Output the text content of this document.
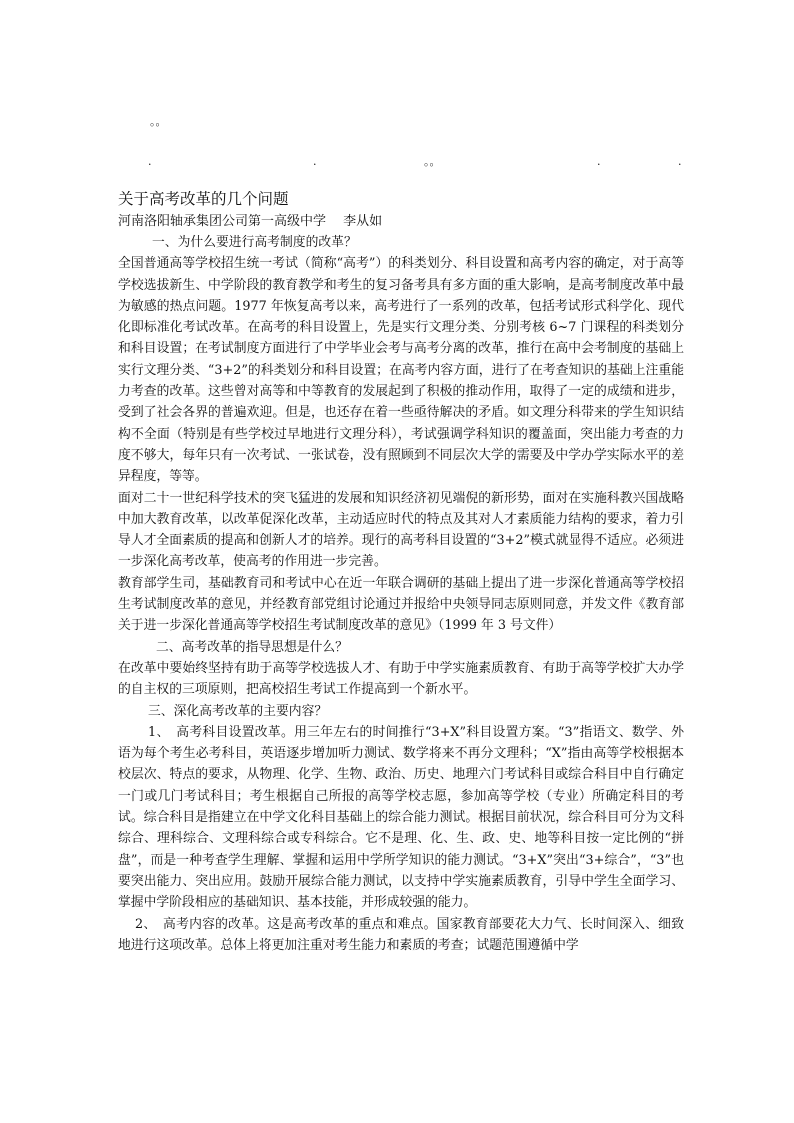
。。
.	.	。。	.	.

关于高考改革的几个问题

河南洛阳轴承集团公司第一高级中学　 李从如

一、为什么要进行高考制度的改革？

全国普通高等学校招生统一考试（简称“高考”）的科类划分、科目设置和高考内容的确定，对于高等学校选拔新生、中学阶段的教育教学和考生的复习备考具有多方面的重大影响，是高考制度改革中最为敏感的热点问题。1977 年恢复高考以来，高考进行了一系列的改革，包括考试形式科学化、现代化即标准化考试改革。在高考的科目设置上，先是实行文理分类、分别考核 6~7 门课程的科类划分和科目设置；在考试制度方面进行了中学毕业会考与高考分离的改革，推行在高中会考制度的基础上实行文理分类、“3+2”的科类划分和科目设置；在高考内容方面，进行了在考查知识的基础上注重能力考查的改革。这些曾对高等和中等教育的发展起到了积极的推动作用，取得了一定的成绩和进步，受到了社会各界的普遍欢迎。但是，也还存在着一些亟待解决的矛盾。如文理分科带来的学生知识结构不全面（特别是有些学校过早地进行文理分科），考试强调学科知识的覆盖面，突出能力考查的力度不够大，每年只有一次考试、一张试卷，没有照顾到不同层次大学的需要及中学办学实际水平的差异程度，等等。

面对二十一世纪科学技术的突飞猛进的发展和知识经济初见端倪的新形势，面对在实施科教兴国战略中加大教育改革，以改革促深化改革，主动适应时代的特点及其对人才素质能力结构的要求，着力引导人才全面素质的提高和创新人才的培养。现行的高考科目设置的“3+2”模式就显得不适应。必须进一步深化高考改革，使高考的作用进一步完善。

教育部学生司，基础教育司和考试中心在近一年联合调研的基础上提出了进一步深化普通高等学校招生考试制度改革的意见，并经教育部党组讨论通过并报给中央领导同志原则同意，并发文件《教育部关于进一步深化普通高等学校招生考试制度改革的意见》（1999 年 3 号文件）

二、高考改革的指导思想是什么？

在改革中要始终坚持有助于高等学校选拔人才、有助于中学实施素质教育、有助于高等学校扩大办学的自主权的三项原则，把高校招生考试工作提高到一个新水平。

三、深化高考改革的主要内容？

1、　高考科目设置改革。用三年左右的时间推行“3+X”科目设置方案。“3”指语文、数学、外语为每个考生必考科目，英语逐步增加听力测试、数学将来不再分文理科；“X”指由高等学校根据本校层次、特点的要求，从物理、化学、生物、政治、历史、地理六门考试科目或综合科目中自行确定一门或几门考试科目；考生根据自己所报的高等学校志愿，参加高等学校（专业）所确定科目的考试。综合科目是指建立在中学文化科目基础上的综合能力测试。根据目前状况，综合科目可分为文科综合、理科综合、文理科综合或专科综合。它不是理、化、生、政、史、地等科目按一定比例的“拼盘”，而是一种考查学生理解、掌握和运用中学所学知识的能力测试。“3+X”突出“3+综合”，“3”也要突出能力、突出应用。鼓励开展综合能力测试，以支持中学实施素质教育，引导中学生全面学习、掌握中学阶段相应的基础知识、基本技能，并形成较强的能力。

2、　高考内容的改革。这是高考改革的重点和难点。国家教育部要花大力气、长时间深入、细致地进行这项改革。总体上将更加注重对考生能力和素质的考查；试题范围遵循中学
